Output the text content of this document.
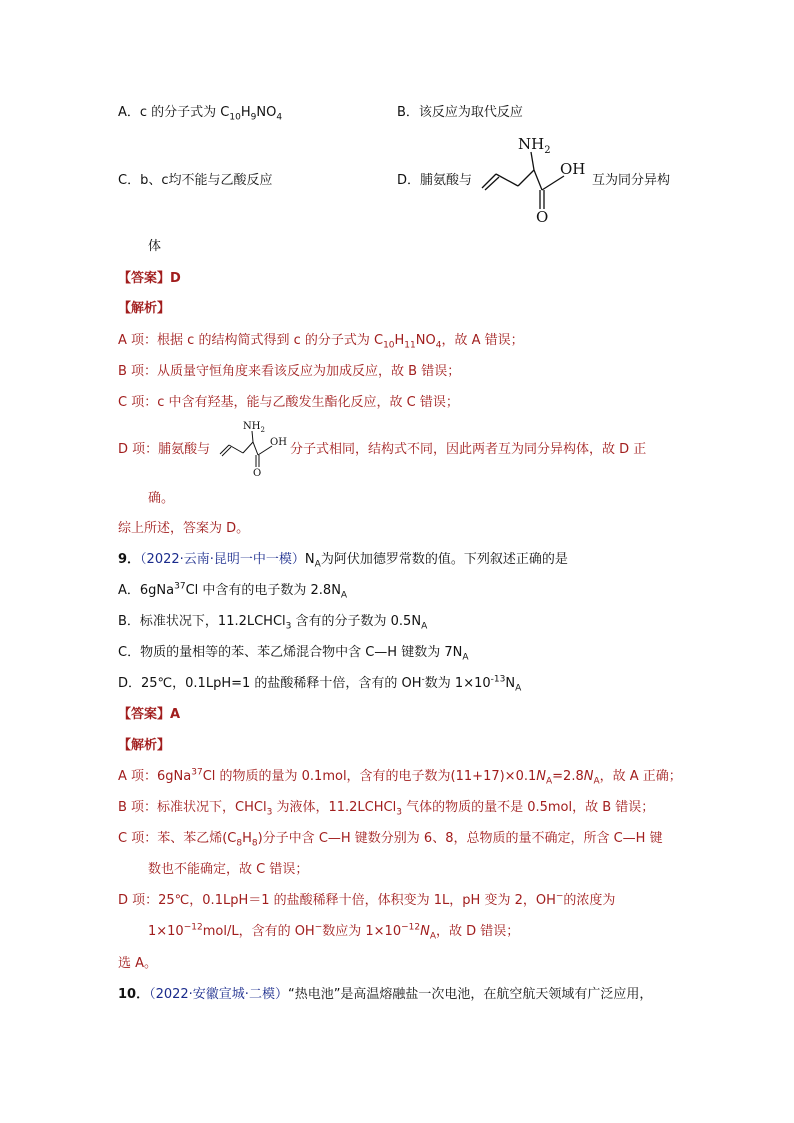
A．c 的分子式为 $C_{10}H_9NO_4$	B．该反应为取代反应
C．b、c均不能与乙酸反应	D．脯氨酸与
$NH_2$
OH
O
互为同分异构
体
【答案】D
【解析】
A 项：根据 c 的结构简式得到 c 的分子式为 $C_{10}H_{11}NO_4$，故 A 错误；
B 项：从质量守恒角度来看该反应为加成反应，故 B 错误；
C 项：c 中含有羟基，能与乙酸发生酯化反应，故 C 错误；
D 项：脯氨酸与
$NH_2$
OH
O
分子式相同，结构式不同，因此两者互为同分异构体，故 D 正
确。
综上所述，答案为 D。
9．（2022·云南·昆明一中一模）$N_A$为阿伏加德罗常数的值。下列叙述正确的是
A．6gNa$^{37}$Cl 中含有的电子数为 $2.8N_A$
B．标准状况下，11.2LCHCl$_3$ 含有的分子数为 $0.5N_A$
C．物质的量相等的苯、苯乙烯混合物中含 C—H 键数为 $7N_A$
D．25℃，0.1LpH=1 的盐酸稀释十倍，含有的 OH-数为 $1\times 10^{-13}N_A$
【答案】A
【解析】
A 项：6gNa$^{37}$Cl 的物质的量为 0.1mol，含有的电子数为$(11+17)\times 0.1N_A=2.8N_A$，故 A 正确；
B 项：标准状况下，CHCl$_3$ 为液体，11.2LCHCl$_3$ 气体的物质的量不是 0.5mol，故 B 错误；
C 项：苯、苯乙烯$(C_8H_8)$分子中含 C—H 键数分别为 6、8，总物质的量不确定，所含 C—H 键
数也不能确定，故 C 错误；
D 项：25℃，0.1LpH＝1 的盐酸稀释十倍，体积变为 1L，pH 变为 2，OH−的浓度为
$1\times 10^{-12}mol/L$，含有的 OH−数应为 $1\times 10^{-12}N_A$，故 D 错误；
选 A。
10．（2022·安徽宣城·二模）“热电池”是高温熔融盐一次电池，在航空航天领域有广泛应用，
